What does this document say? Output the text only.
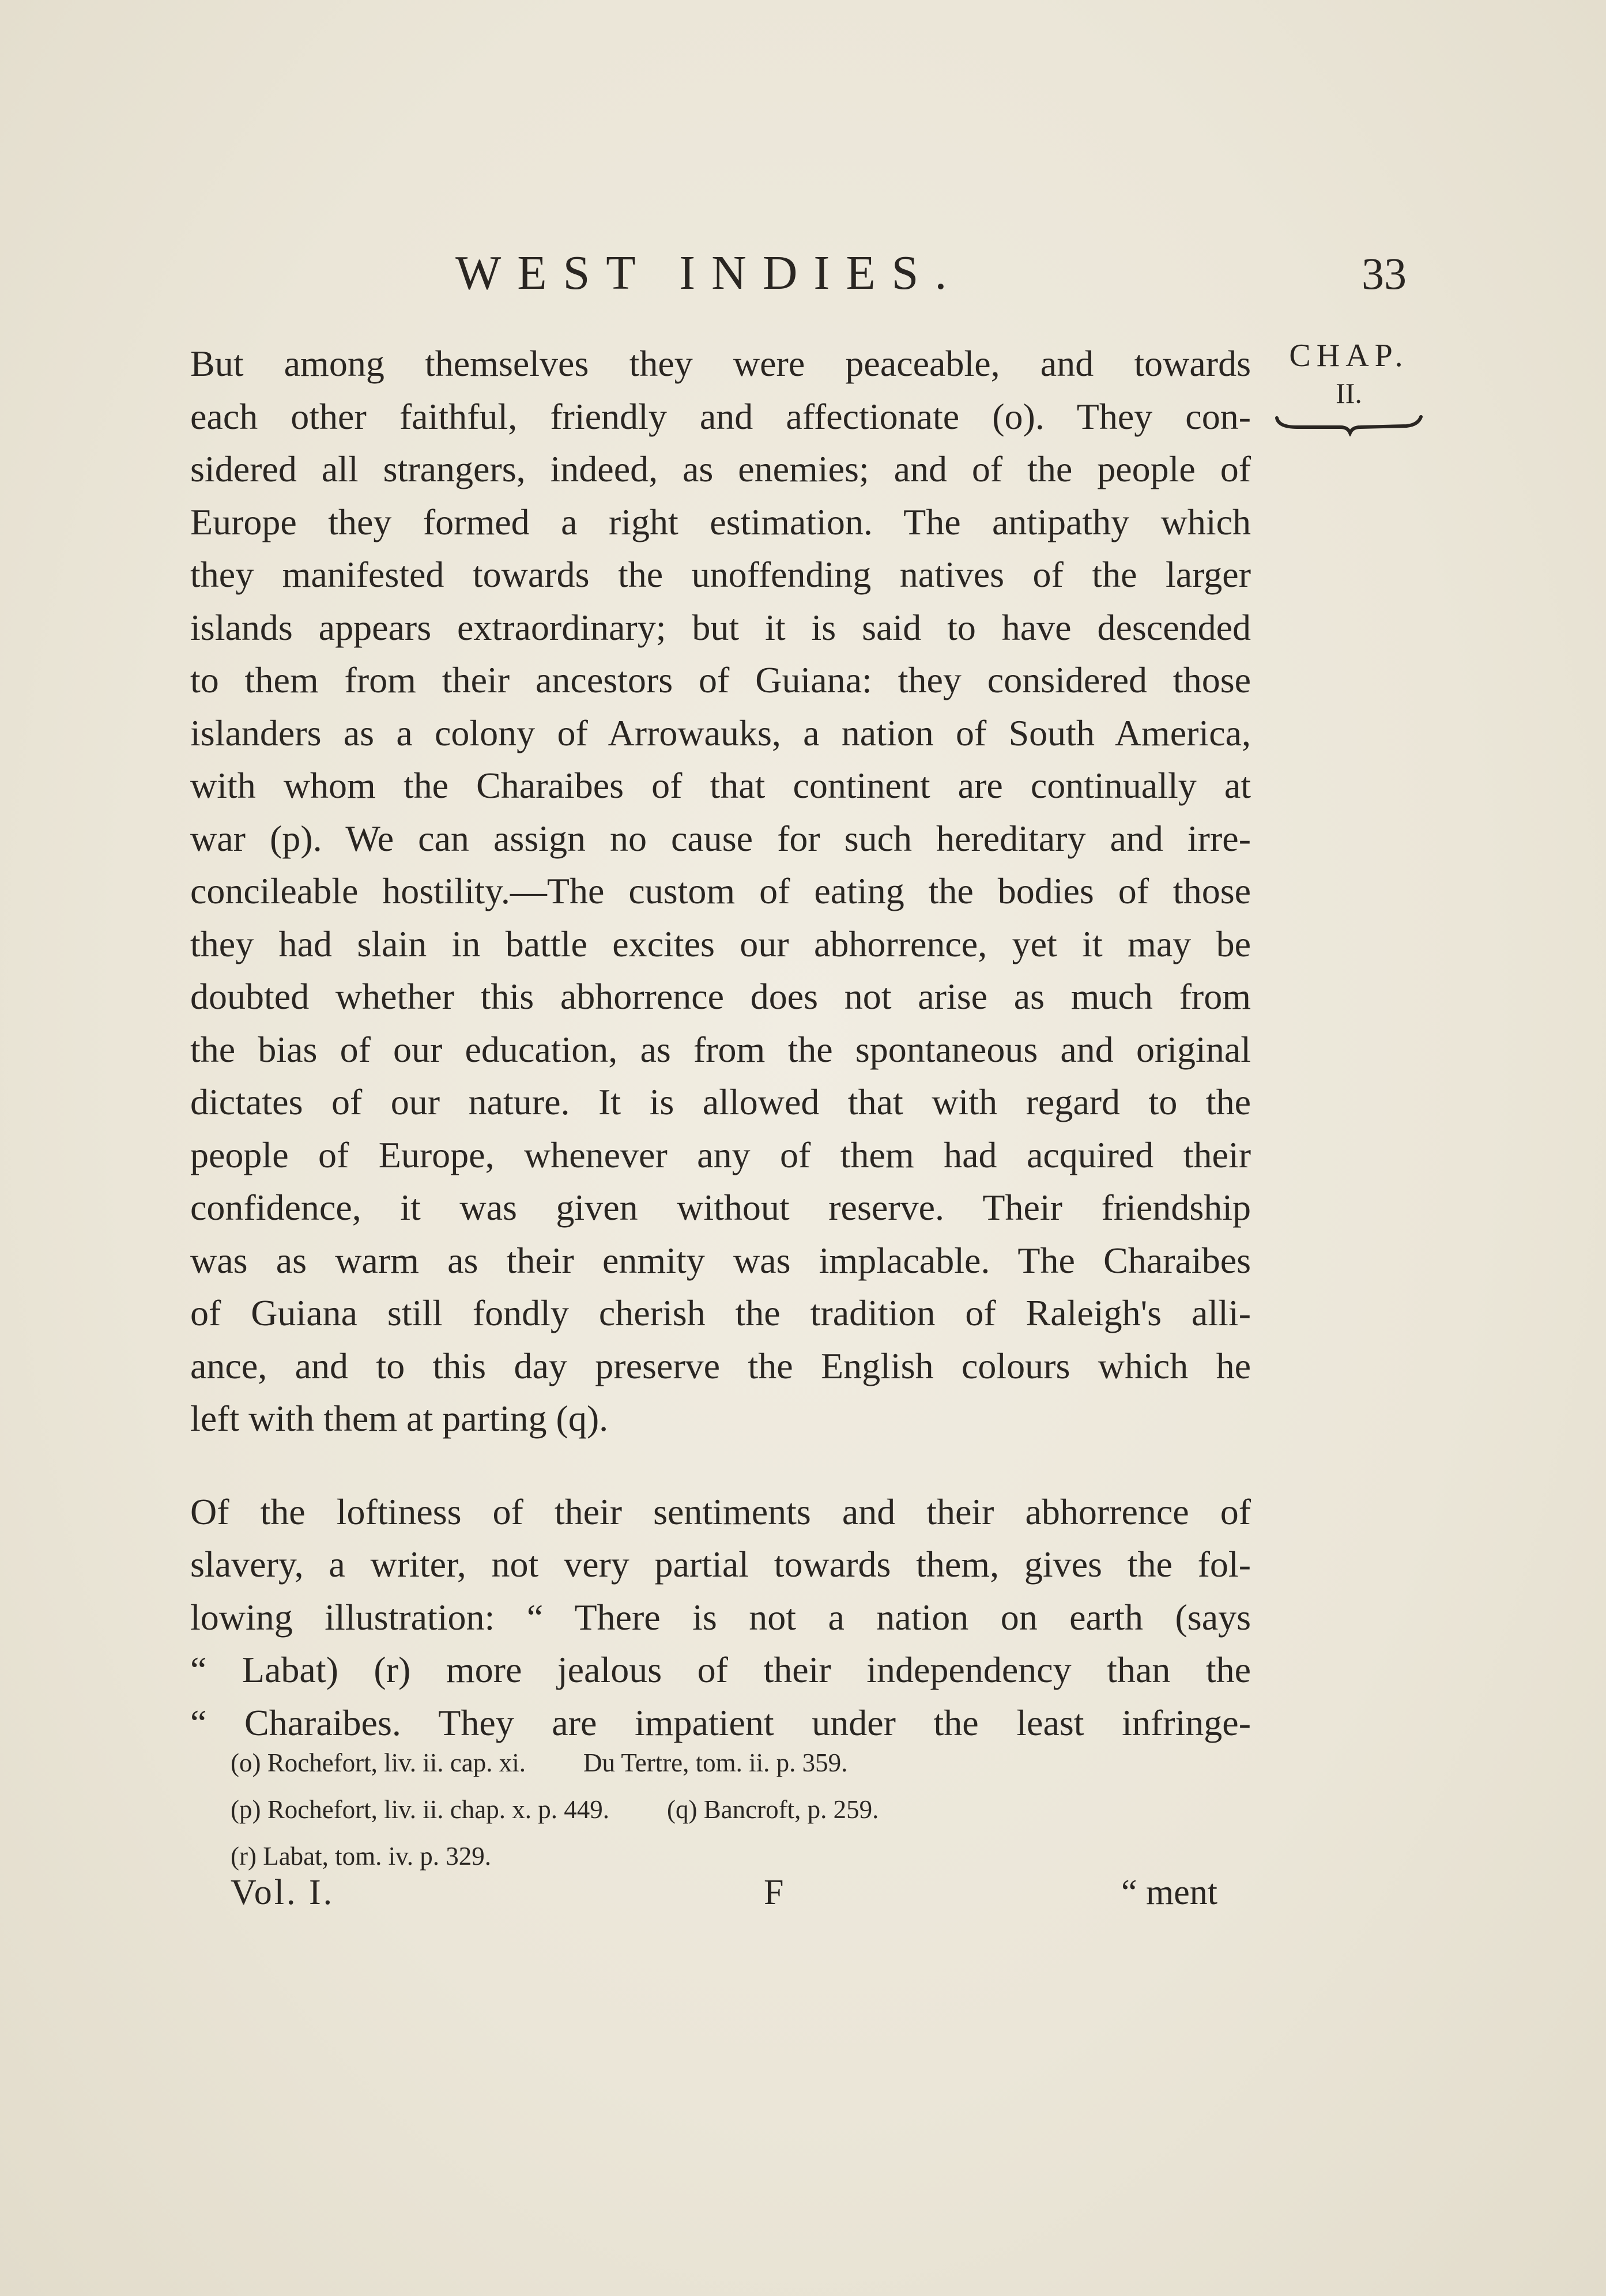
WEST INDIES.	33
CHAP.
II.
But among themselves they were peaceable, and towards
each other faithful, friendly and affectionate (o). They con-
sidered all strangers, indeed, as enemies; and of the people of
Europe they formed a right estimation. The antipathy which
they manifested towards the unoffending natives of the larger
islands appears extraordinary; but it is said to have descended
to them from their ancestors of Guiana: they considered those
islanders as a colony of Arrowauks, a nation of South America,
with whom the Charaibes of that continent are continually at
war (p). We can assign no cause for such hereditary and irre-
concileable hostility.—The custom of eating the bodies of those
they had slain in battle excites our abhorrence, yet it may be
doubted whether this abhorrence does not arise as much from
the bias of our education, as from the spontaneous and original
dictates of our nature. It is allowed that with regard to the
people of Europe, whenever any of them had acquired their
confidence, it was given without reserve. Their friendship
was as warm as their enmity was implacable. The Charaibes
of Guiana still fondly cherish the tradition of Raleigh's alli-
ance, and to this day preserve the English colours which he
left with them at parting (q).
Of the loftiness of their sentiments and their abhorrence of
slavery, a writer, not very partial towards them, gives the fol-
lowing illustration: “ There is not a nation on earth (says
“ Labat) (r) more jealous of their independency than the
“ Charaibes. They are impatient under the least infringe-
(o) Rochefort, liv. ii. cap. xi. Du Tertre, tom. ii. p. 359.
(p) Rochefort, liv. ii. chap. x. p. 449. (q) Bancroft, p. 259.
(r) Labat, tom. iv. p. 329.
Vol. I.	F	“ ment
